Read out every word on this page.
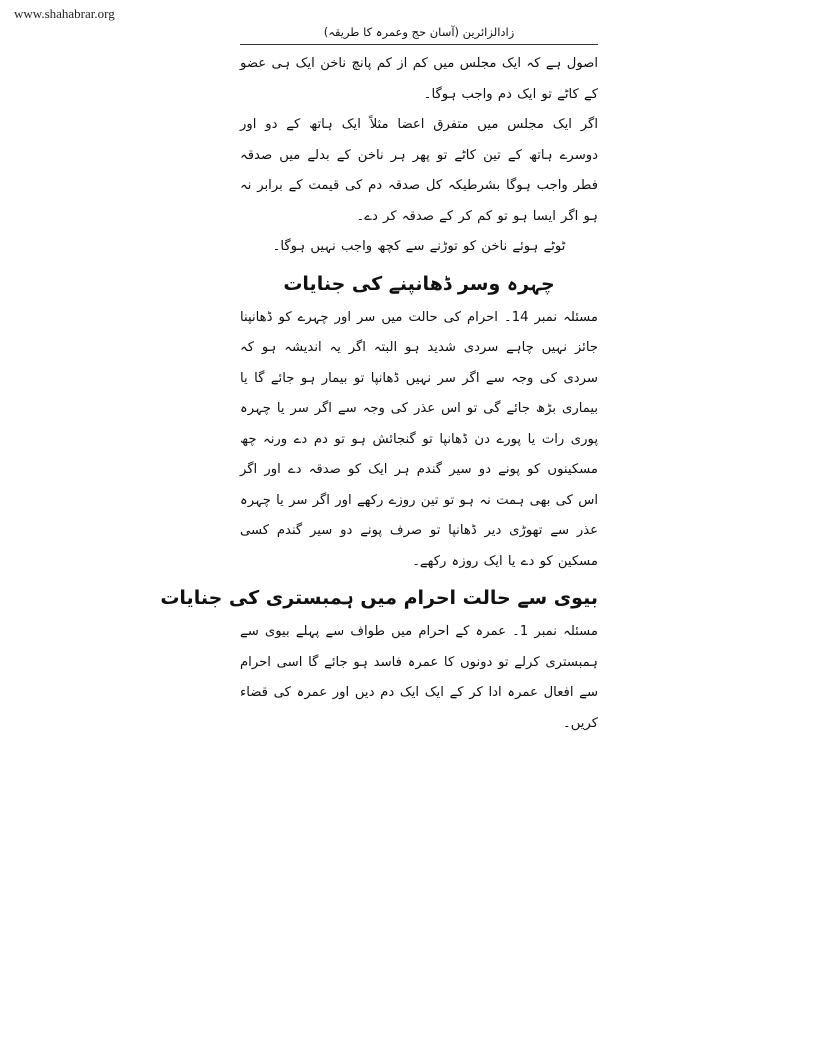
www.shahabrar.org
زادالزائرین (آسان حج وعمرہ کا طریقہ)

اصول ہے کہ ایک مجلس میں کم از کم پانچ ناخن ایک ہی عضو کے کاٹے تو ایک دم واجب ہوگا۔

اگر ایک مجلس میں متفرق اعضا مثلاً ایک ہاتھ کے دو اور دوسرے ہاتھ کے تین کاٹے تو پھر ہر ناخن کے بدلے میں صدقہ فطر واجب ہوگا بشرطیکہ کل صدقہ دم کی قیمت کے برابر نہ ہو اگر ایسا ہو تو کم کر کے صدقہ کر دے۔

ٹوٹے ہوئے ناخن کو توڑنے سے کچھ واجب نہیں ہوگا۔

چہرہ وسر ڈھانپنے کی جنایات

مسئلہ نمبر 14۔ احرام کی حالت میں سر اور چہرے کو ڈھانپنا جائز نہیں چاہے سردی شدید ہو البتہ اگر یہ اندیشہ ہو کہ سردی کی وجہ سے اگر سر نہیں ڈھانپا تو بیمار ہو جائے گا یا بیماری بڑھ جائے گی تو اس عذر کی وجہ سے اگر سر یا چہرہ پوری رات یا پورے دن ڈھانپا تو گنجائش ہو تو دم دے ورنہ چھ مسکینوں کو پونے دو سیر گندم ہر ایک کو صدقہ دے اور اگر اس کی بھی ہمت نہ ہو تو تین روزے رکھے اور اگر سر یا چہرہ عذر سے تھوڑی دیر ڈھانپا تو صرف پونے دو سیر گندم کسی مسکین کو دے یا ایک روزہ رکھے۔

بیوی سے حالت احرام میں ہمبستری کی جنایات

مسئلہ نمبر 1۔ عمرہ کے احرام میں طواف سے پہلے بیوی سے ہمبستری کرلے تو دونوں کا عمرہ فاسد ہو جائے گا اسی احرام سے افعال عمرہ ادا کر کے ایک ایک دم دیں اور عمرہ کی قضاء کریں۔
